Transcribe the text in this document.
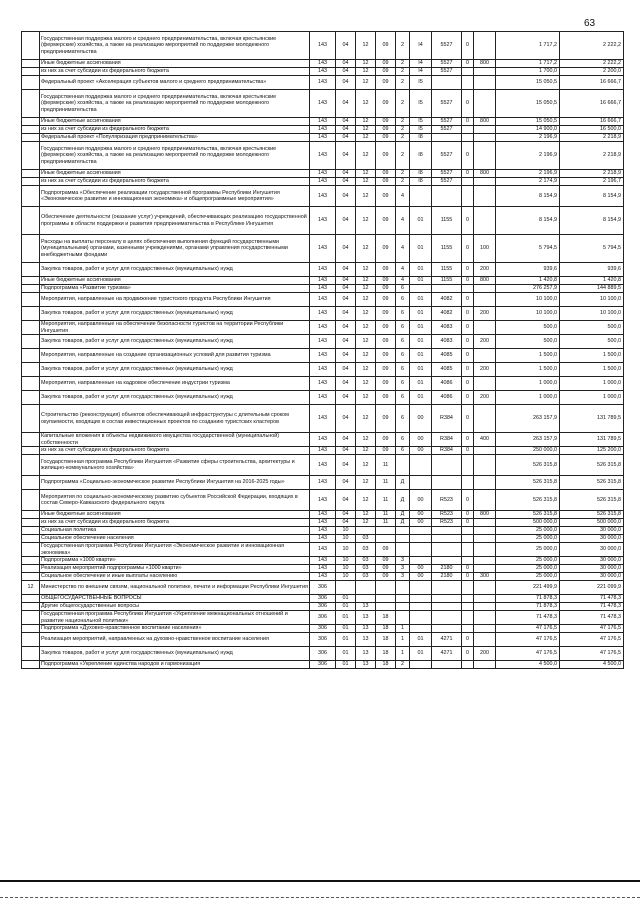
63
	Государственная поддержка малого и среднего предпринимательства, включая крестьянские (фермерские) хозяйства, а также на реализацию мероприятий по поддержке молодежного предпринимательства	143	04	12	09	2	I4	5527	0		1 717,2	2 222,2
	Иные бюджетные ассигнования	143	04	12	09	2	I4	5527	0	800	1 717,2	2 222,2
	из них за счет субсидии из федерального бюджета	143	04	12	09	2	I4	5527			1 700,0	2 200,0
	Федеральный проект «Акселерация субъектов малого и среднего предпринимательства»	143	04	12	09	2	I5				15 050,5	16 666,7
	Государственная поддержка малого и среднего предпринимательства, включая крестьянские (фермерские) хозяйства, а также на реализацию мероприятий по поддержке молодежного предпринимательства	143	04	12	09	2	I5	5527	0		15 050,5	16 666,7
	Иные бюджетные ассигнования	143	04	12	09	2	I5	5527	0	800	15 050,5	16 666,7
	из них за счет субсидии из федерального бюджета	143	04	12	09	2	I5	5527			14 900,0	16 500,0
	Федеральный проект «Популяризация предпринимательства»	143	04	12	09	2	I8				2 196,9	2 218,9
	Государственная поддержка малого и среднего предпринимательства, включая крестьянские (фермерские) хозяйства, а также на реализацию мероприятий по поддержке молодежного предпринимательства	143	04	12	09	2	I8	5527	0		2 196,9	2 218,9
	Иные бюджетные ассигнования	143	04	12	09	2	I8	5527	0	800	2 196,9	2 218,9
	из них за счет субсидии из федерального бюджета	143	04	12	09	2	I8	5527			2 174,9	2 196,7
	Подпрограмма «Обеспечение реализации государственной программы Республики Ингушетия «Экономическое развитие и инновационная экономика» и общепрограммные мероприятия»	143	04	12	09	4					8 154,9	8 154,9
	Обеспечение деятельности (оказание услуг) учреждений, обеспечивающих реализацию государственной программы в области поддержки и развития предпринимательства в Республике Ингушетия	143	04	12	09	4	01	1155	0		8 154,9	8 154,9
	Расходы на выплаты персоналу в целях обеспечения выполнения функций государственными (муниципальными) органами, казенными учреждениями, органами управления государственными внебюджетными фондами	143	04	12	09	4	01	1155	0	100	5 794,5	5 794,5
	Закупка товаров, работ и услуг для государственных (муниципальных) нужд	143	04	12	09	4	01	1155	0	200	939,6	939,6
	Иные бюджетные ассигнования	143	04	12	09	4	01	1155	0	800	1 420,8	1 420,8
	Подпрограмма «Развитие туризма»	143	04	12	09	6					276 257,9	144 889,5
	Мероприятия, направленные на продвижение туристского продукта Республики Ингушетия	143	04	12	09	6	01	4082	0		10 100,0	10 100,0
	Закупка товаров, работ и услуг для государственных (муниципальных) нужд	143	04	12	09	6	01	4082	0	200	10 100,0	10 100,0
	Мероприятия, направленные на обеспечение безопасности туристов на территории Республики Ингушетия	143	04	12	09	6	01	4083	0		500,0	500,0
	Закупка товаров, работ и услуг для государственных (муниципальных) нужд	143	04	12	09	6	01	4083	0	200	500,0	500,0
	Мероприятия, направленные на создание организационных условий для развития туризма	143	04	12	09	6	01	4085	0		1 500,0	1 500,0
	Закупка товаров, работ и услуг для государственных (муниципальных) нужд	143	04	12	09	6	01	4085	0	200	1 500,0	1 500,0
	Мероприятия, направленные на кадровое обеспечение индустрии туризма	143	04	12	09	6	01	4086	0		1 000,0	1 000,0
	Закупка товаров, работ и услуг для государственных (муниципальных) нужд	143	04	12	09	6	01	4086	0	200	1 000,0	1 000,0
	Строительство (реконструкция) объектов обеспечивающей инфраструктуры с длительным сроком окупаемости, входящих в состав инвестиционных проектов по созданию туристских кластеров	143	04	12	09	6	00	R384	0		263 157,9	131 789,5
	Капитальные вложения в объекты недвижимого имущества государственной (муниципальной) собственности	143	04	12	09	6	00	R384	0	400	263 157,9	131 789,5
	из них за счет субсидии из федерального бюджета	143	04	12	09	6	00	R384	0		250 000,0	125 200,0
	Государственная программа Республики Ингушетия «Развитие сферы строительства, архитектуры и жилищно-коммунального хозяйства»	143	04	12	11						526 315,8	526 315,8
	Подпрограмма «Социально-экономическое развитие Республики Ингушетия на 2016-2025 годы»	143	04	12	11	Д					526 315,8	526 315,8
	Мероприятия по социально-экономическому развитию субъектов Российской Федерации, входящих в состав Северо-Кавказского федерального округа	143	04	12	11	Д	00	R523	0		526 315,8	526 315,8
	Иные бюджетные ассигнования	143	04	12	11	Д	00	R523	0	800	526 315,8	526 315,8
	из них за счет субсидии из федерального бюджета	143	04	12	11	Д	00	R523	0		500 000,0	500 000,0
	Социальная политика	143	10								25 000,0	30 000,0
	Социальное обеспечение населения	143	10	03							25 000,0	30 000,0
	Государственная программа Республики Ингушетия «Экономическое развитие и инновационная экономика»	143	10	03	09						25 000,0	30 000,0
	Подпрограмма «1000 кварти»	143	10	03	09	3					25 000,0	30 000,0
	Реализация мероприятий подпрограммы «1000 кварти»	143	10	03	09	3	00	2180	0		25 000,0	30 000,0
	Социальное обеспечение и иные выплаты населению	143	10	03	09	3	00	2180	0	300	25 000,0	30 000,0
12	Министерство по внешним связям, национальной политике, печати и информации Республики Ингушетия	306									221 499,9	221 099,9
	ОБЩЕГОСУДАРСТВЕННЫЕ ВОПРОСЫ	306	01								71 878,3	71 478,3
	Другие общегосударственные вопросы	306	01	13							71 878,3	71 478,3
	Государственная программа Республики Ингушетия «Укрепление межнациональных отношений и развитие национальной политики»	306	01	13	18						71 478,3	71 478,3
	Подпрограмма «Духовно-нравственное воспитание населения»	306	01	13	18	1					47 176,5	47 176,5
	Реализация мероприятий, направленных на духовно-нравственное воспитание населения	306	01	13	18	1	01	4271	0		47 176,5	47 176,5
	Закупка товаров, работ и услуг для государственных (муниципальных) нужд	306	01	13	18	1	01	4271	0	200	47 176,5	47 176,5
	Подпрограмма «Укрепление единства народов и гармонизация	306	01	13	18	2					4 500,0	4 500,0
